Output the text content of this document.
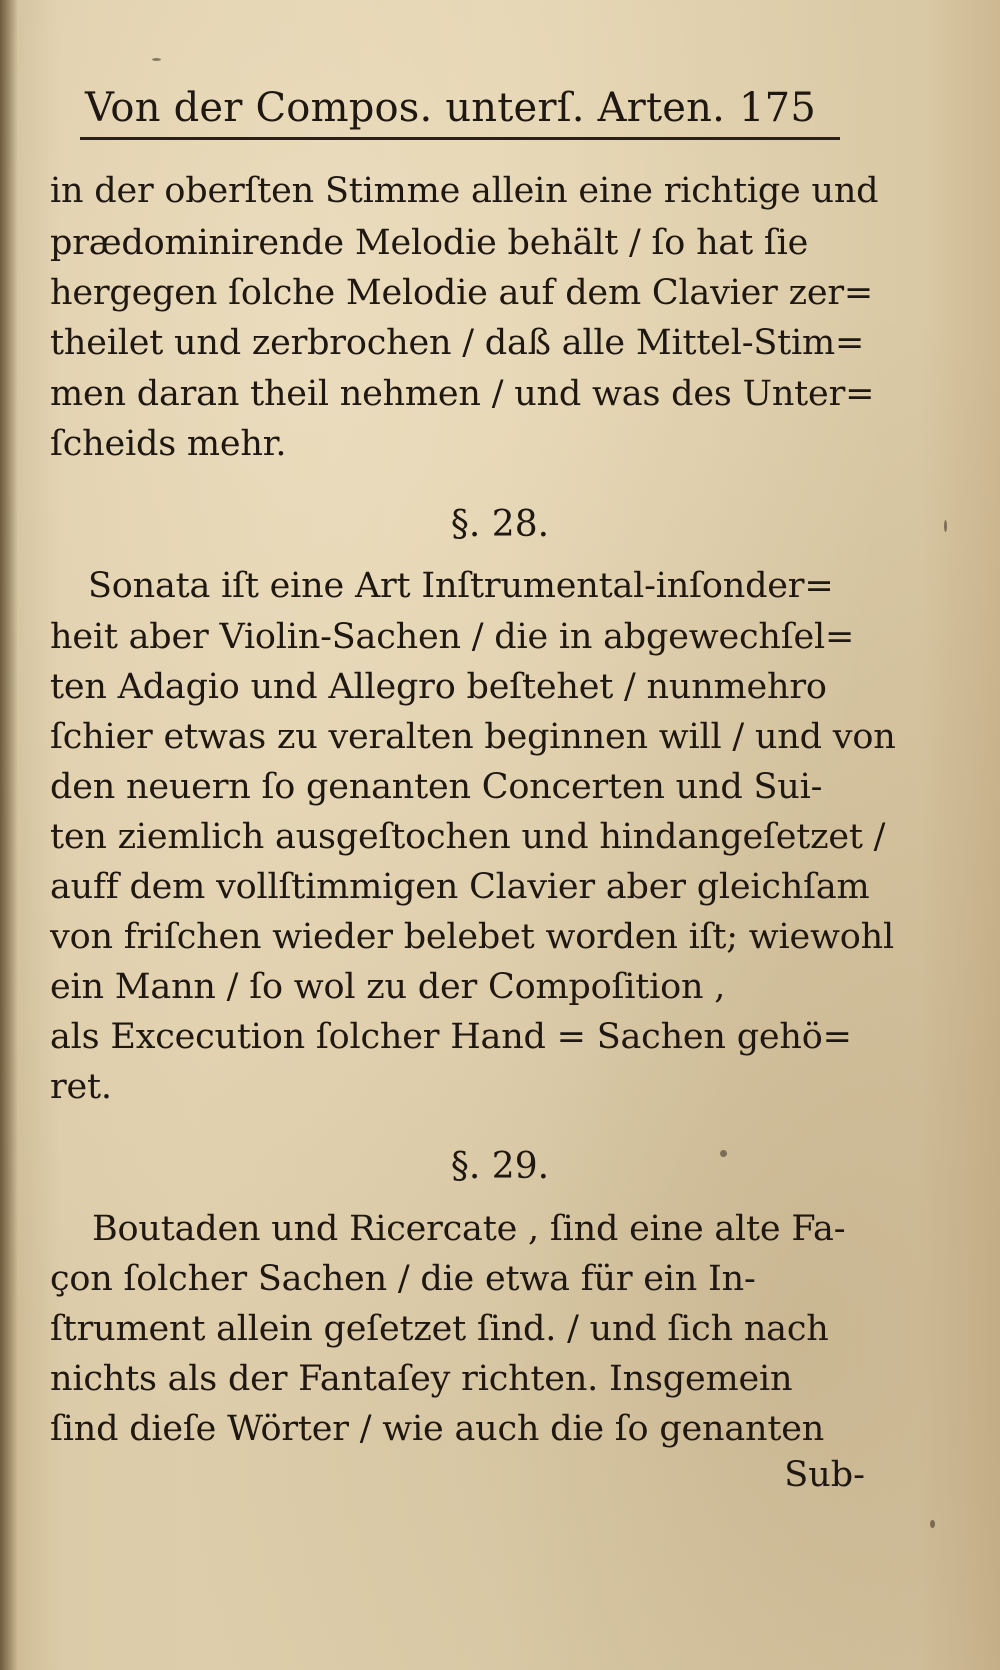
Von der Compos. unterſ. Arten. 175
in der oberſten Stimme allein eine richtige und
prædominirende Melodie behält / ſo hat ſie
hergegen ſolche Melodie auf dem Clavier zer=
theilet und zerbrochen / daß alle Mittel-Stim=
men daran theil nehmen / und was des Unter=
ſcheids mehr.
§. 28.
Sonata iſt eine Art Inſtrumental-inſonder=
heit aber Violin-Sachen / die in abgewechſel=
ten Adagio und Allegro beſtehet / nunmehro
ſchier etwas zu veralten beginnen will / und von
den neuern ſo genanten Concerten und Sui-
ten ziemlich ausgeſtochen und hindangeſetzet /
auff dem vollſtimmigen Clavier aber gleichſam
von friſchen wieder belebet worden iſt; wiewohl
ein Mann / ſo wol zu der Compoſition ,
als Excecution ſolcher Hand = Sachen gehö=
ret.
§. 29.
Boutaden und Ricercate , ſind eine alte Fa-
çon ſolcher Sachen / die etwa für ein In-
ſtrument allein geſetzet ſind. / und ſich nach
nichts als der Fantaſey richten. Insgemein
ſind dieſe Wörter / wie auch die ſo genanten
Sub-
